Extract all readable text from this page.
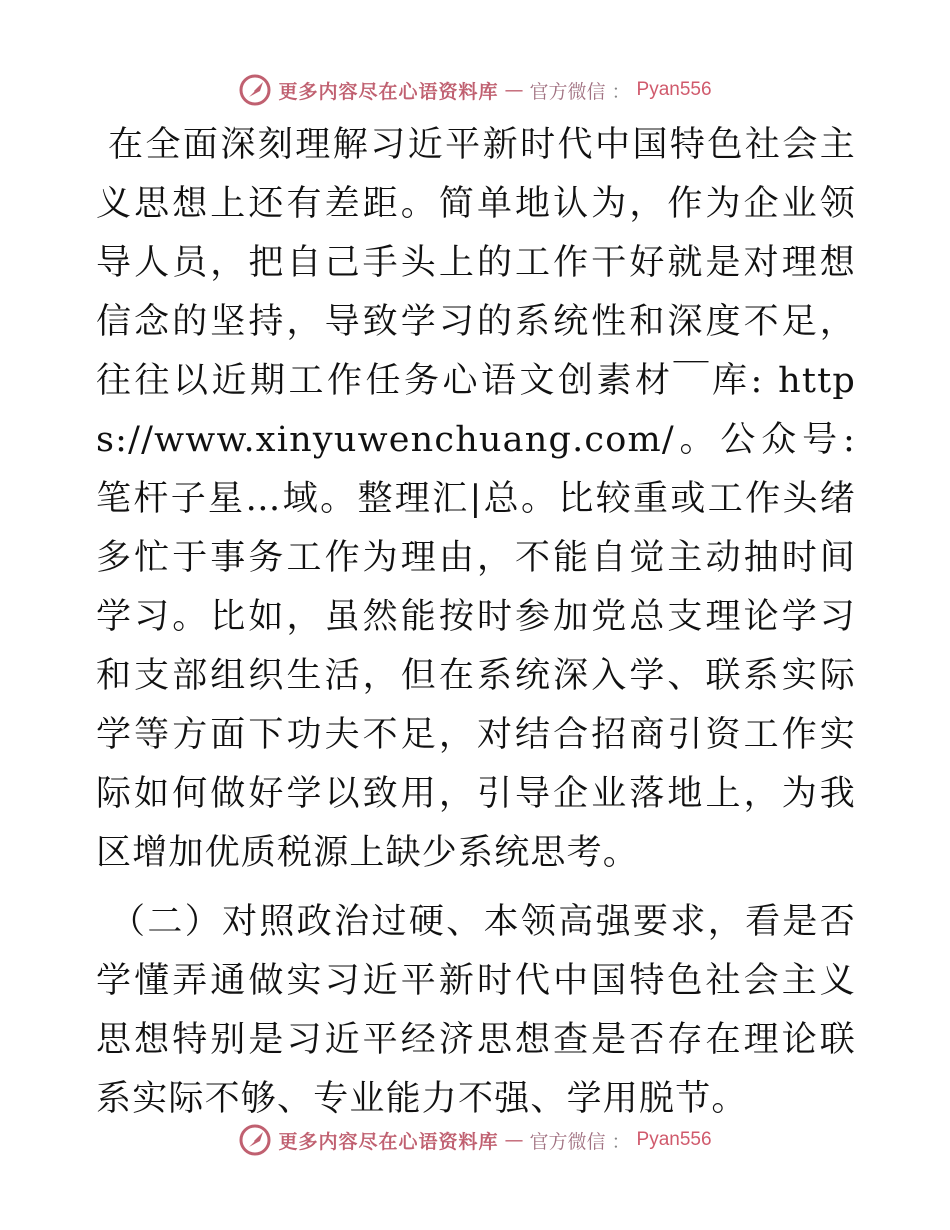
更多内容尽在心语资料库 — 官方微信 ： Pyan556

在全面深刻理解习近平新时代中国特色社会主义思想上还有差距。简单地认为，作为企业领导人员，把自己手头上的工作干好就是对理想信念的坚持，导致学习的系统性和深度不足，往往以近期工作任务心语文创素材￣库: https://www.xinyuwenchuang.com/。公众号: 笔杆子星…域。整理汇|总。比较重或工作头绪多忙于事务工作为理由，不能自觉主动抽时间学习。比如，虽然能按时参加党总支理论学习和支部组织生活，但在系统深入学、联系实际学等方面下功夫不足，对结合招商引资工作实际如何做好学以致用，引导企业落地上，为我区增加优质税源上缺少系统思考。

（二）对照政治过硬、本领高强要求，看是否学懂弄通做实习近平新时代中国特色社会主义思想特别是习近平经济思想查是否存在理论联系实际不够、专业能力不强、学用脱节。

更多内容尽在心语资料库 — 官方微信 ： Pyan556
